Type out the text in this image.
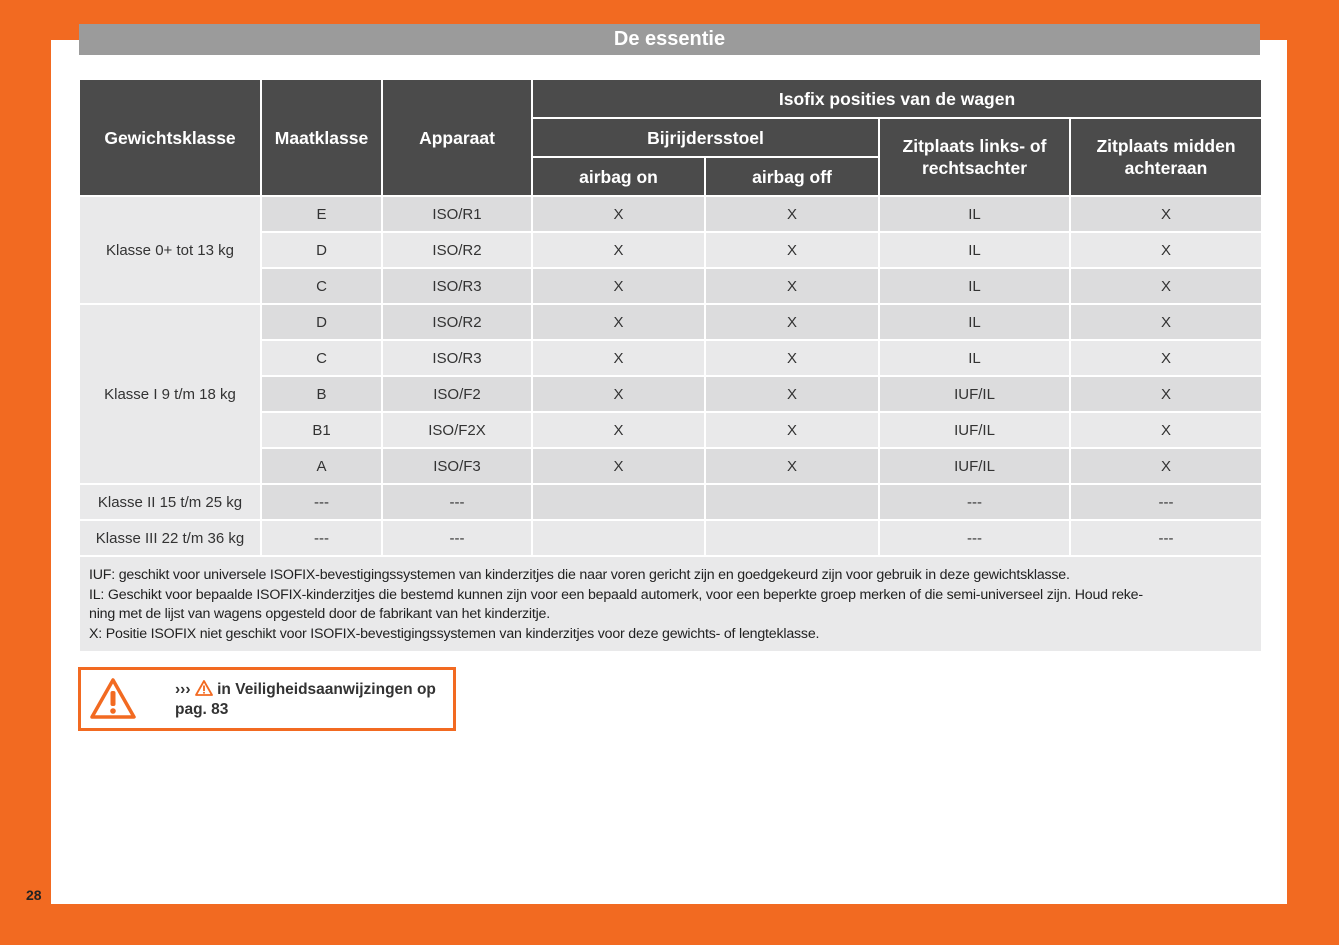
De essentie
Gewichtsklasse	Maatklasse	Apparaat	Isofix posities van de wagen			
			Bijrijdersstoel		Zitplaats links- of
rechtsachter	Zitplaats midden
achteraan
			airbag on	airbag off		
Klasse 0+ tot 13 kg	E	ISO/R1	X	X	IL	X
	D	ISO/R2	X	X	IL	X
	C	ISO/R3	X	X	IL	X
Klasse I 9 t/m 18 kg	D	ISO/R2	X	X	IL	X
	C	ISO/R3	X	X	IL	X
	B	ISO/F2	X	X	IUF/IL	X
	B1	ISO/F2X	X	X	IUF/IL	X
	A	ISO/F3	X	X	IUF/IL	X
Klasse II 15 t/m 25 kg	---	---			---	---
Klasse III 22 t/m 36 kg	---	---			---	---

IUF: geschikt voor universele ISOFIX-bevestigingssystemen van kinderzitjes die naar voren gericht zijn en goedgekeurd zijn voor gebruik in deze gewichtsklasse.
IL: Geschikt voor bepaalde ISOFIX-kinderzitjes die bestemd kunnen zijn voor een bepaald automerk, voor een beperkte groep merken of die semi-universeel zijn. Houd reke-
ning met de lijst van wagens opgesteld door de fabrikant van het kinderzitje.
X: Positie ISOFIX niet geschikt voor ISOFIX-bevestigingssystemen van kinderzitjes voor deze gewichts- of lengteklasse.						
››› in Veiligheidsaanwijzingen op
pag. 83
28
